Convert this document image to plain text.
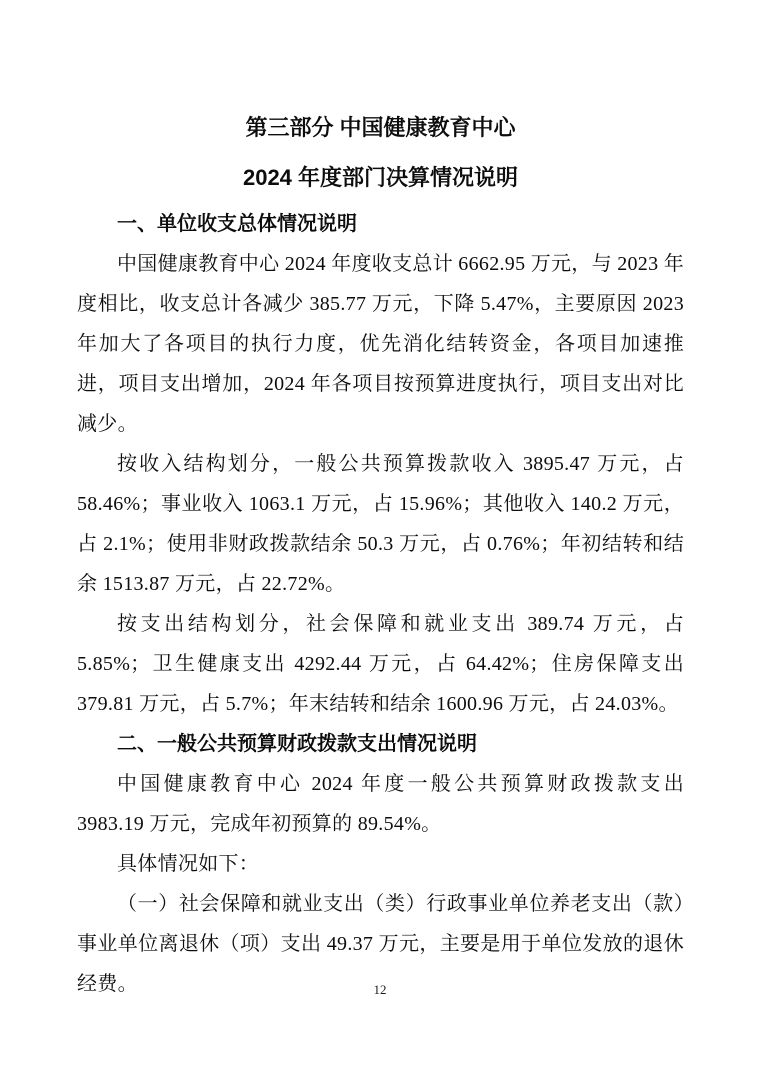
第三部分 中国健康教育中心
2024 年度部门决算情况说明
一、单位收支总体情况说明

中国健康教育中心 2024 年度收支总计 6662.95 万元，与 2023 年度相比，收支总计各减少 385.77 万元，下降 5.47%，主要原因 2023 年加大了各项目的执行力度，优先消化结转资金，各项目加速推进，项目支出增加，2024 年各项目按预算进度执行，项目支出对比减少。

按收入结构划分，一般公共预算拨款收入 3895.47 万元，占 58.46%；事业收入 1063.1 万元，占 15.96%；其他收入 140.2 万元，占 2.1%；使用非财政拨款结余 50.3 万元，占 0.76%；年初结转和结余 1513.87 万元，占 22.72%。

按支出结构划分，社会保障和就业支出 389.74 万元，占 5.85%；卫生健康支出 4292.44 万元，占 64.42%；住房保障支出 379.81 万元，占 5.7%；年末结转和结余 1600.96 万元，占 24.03%。

二、一般公共预算财政拨款支出情况说明

中国健康教育中心 2024 年度一般公共预算财政拨款支出 3983.19 万元，完成年初预算的 89.54%。

具体情况如下：

（一）社会保障和就业支出（类）行政事业单位养老支出（款）事业单位离退休（项）支出 49.37 万元，主要是用于单位发放的退休经费。	12
